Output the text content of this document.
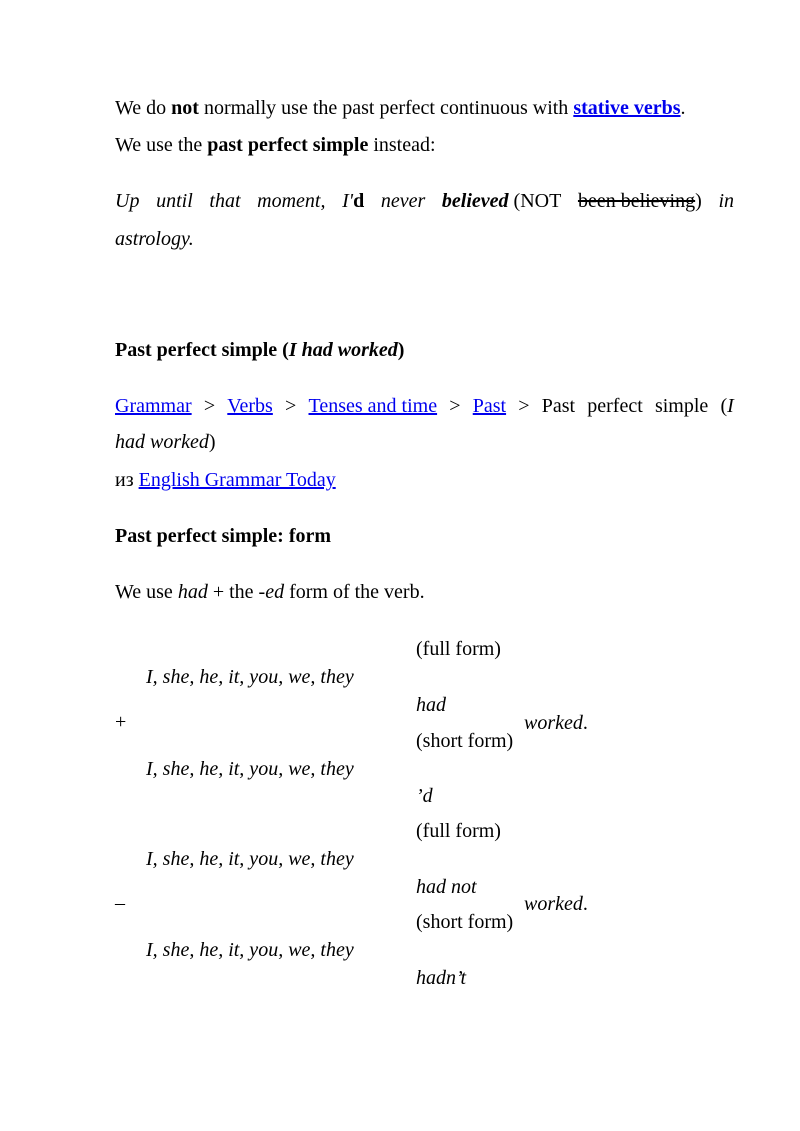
We do not normally use the past perfect continuous with stative verbs.
We use the past perfect simple instead:
Up until that moment, I'd never believed (NOT been believing) in
astrology.
Past perfect simple (I had worked)
Grammar > Verbs > Tenses and time > Past > Past perfect simple (I
had worked)
из English Grammar Today
Past perfect simple: form
We use had + the -ed form of the verb.
(full form)
I, she, he, it, you, we, they
had
+	worked.
(short form)
I, she, he, it, you, we, they
’d
(full form)
I, she, he, it, you, we, they
had not
–	worked.
(short form)
I, she, he, it, you, we, they
hadn’t
